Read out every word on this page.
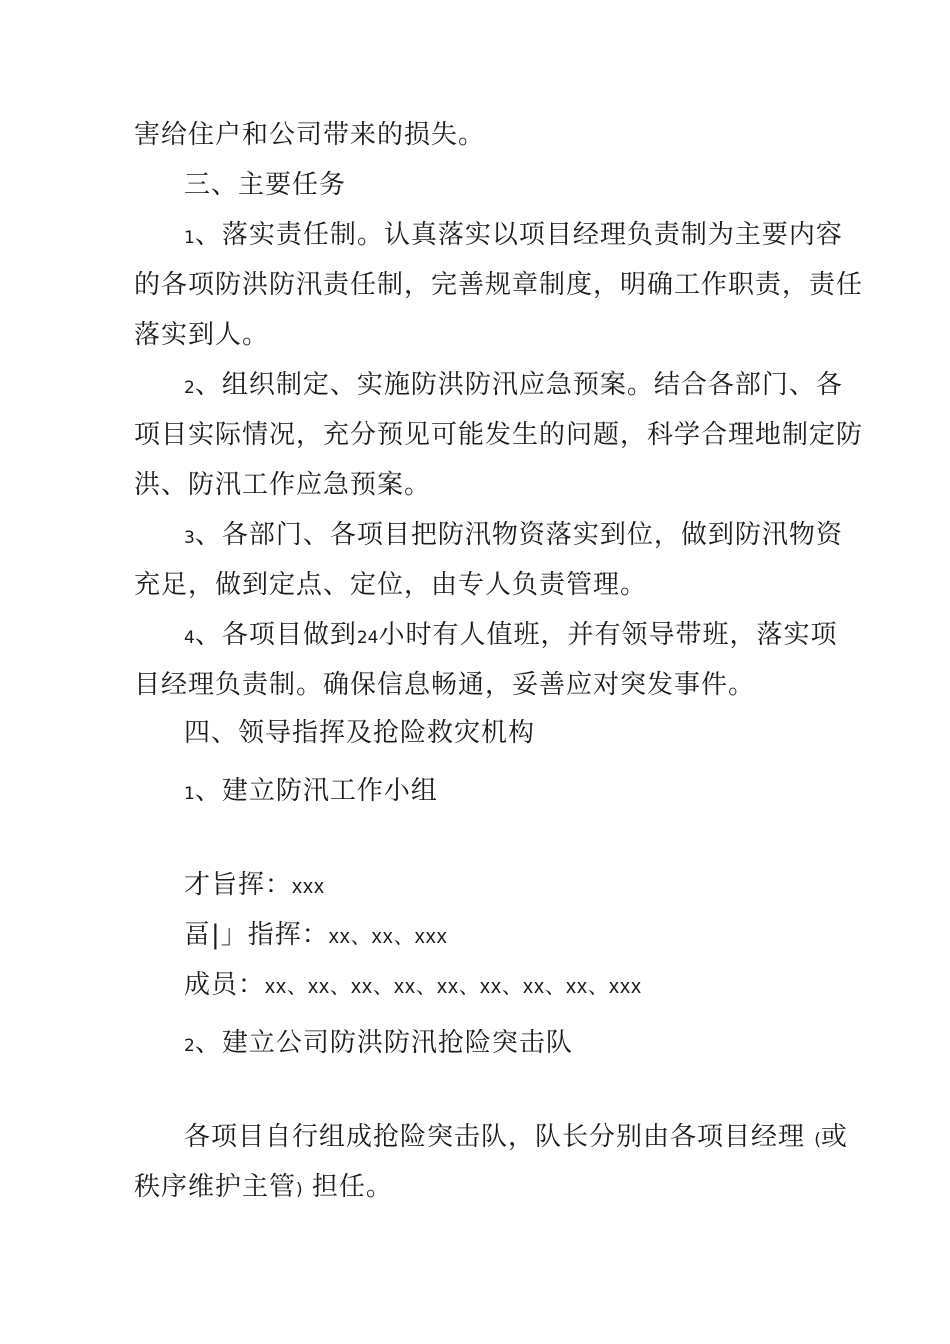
害给住户和公司带来的损失。
三、主要任务
1、落实责任制。认真落实以项目经理负责制为主要内容
的各项防洪防汛责任制，完善规章制度，明确工作职责，责任
落实到人。
2、组织制定、实施防洪防汛应急预案。结合各部门、各
项目实际情况，充分预见可能发生的问题，科学合理地制定防
洪、防汛工作应急预案。
3、各部门、各项目把防汛物资落实到位，做到防汛物资
充足，做到定点、定位，由专人负责管理。
4、各项目做到24小时有人值班，并有领导带班，落实项
目经理负责制。确保信息畅通，妥善应对突发事件。
四、领导指挥及抢险救灾机构
1、建立防汛工作小组
才旨挥：xxx
畐|」指挥：xx、xx、xxx
成员：xx、xx、xx、xx、xx、xx、xx、xx、xxx
2、建立公司防洪防汛抢险突击队
各项目自行组成抢险突击队，队长分别由各项目经理 (或
秩序维护主管) 担任。
